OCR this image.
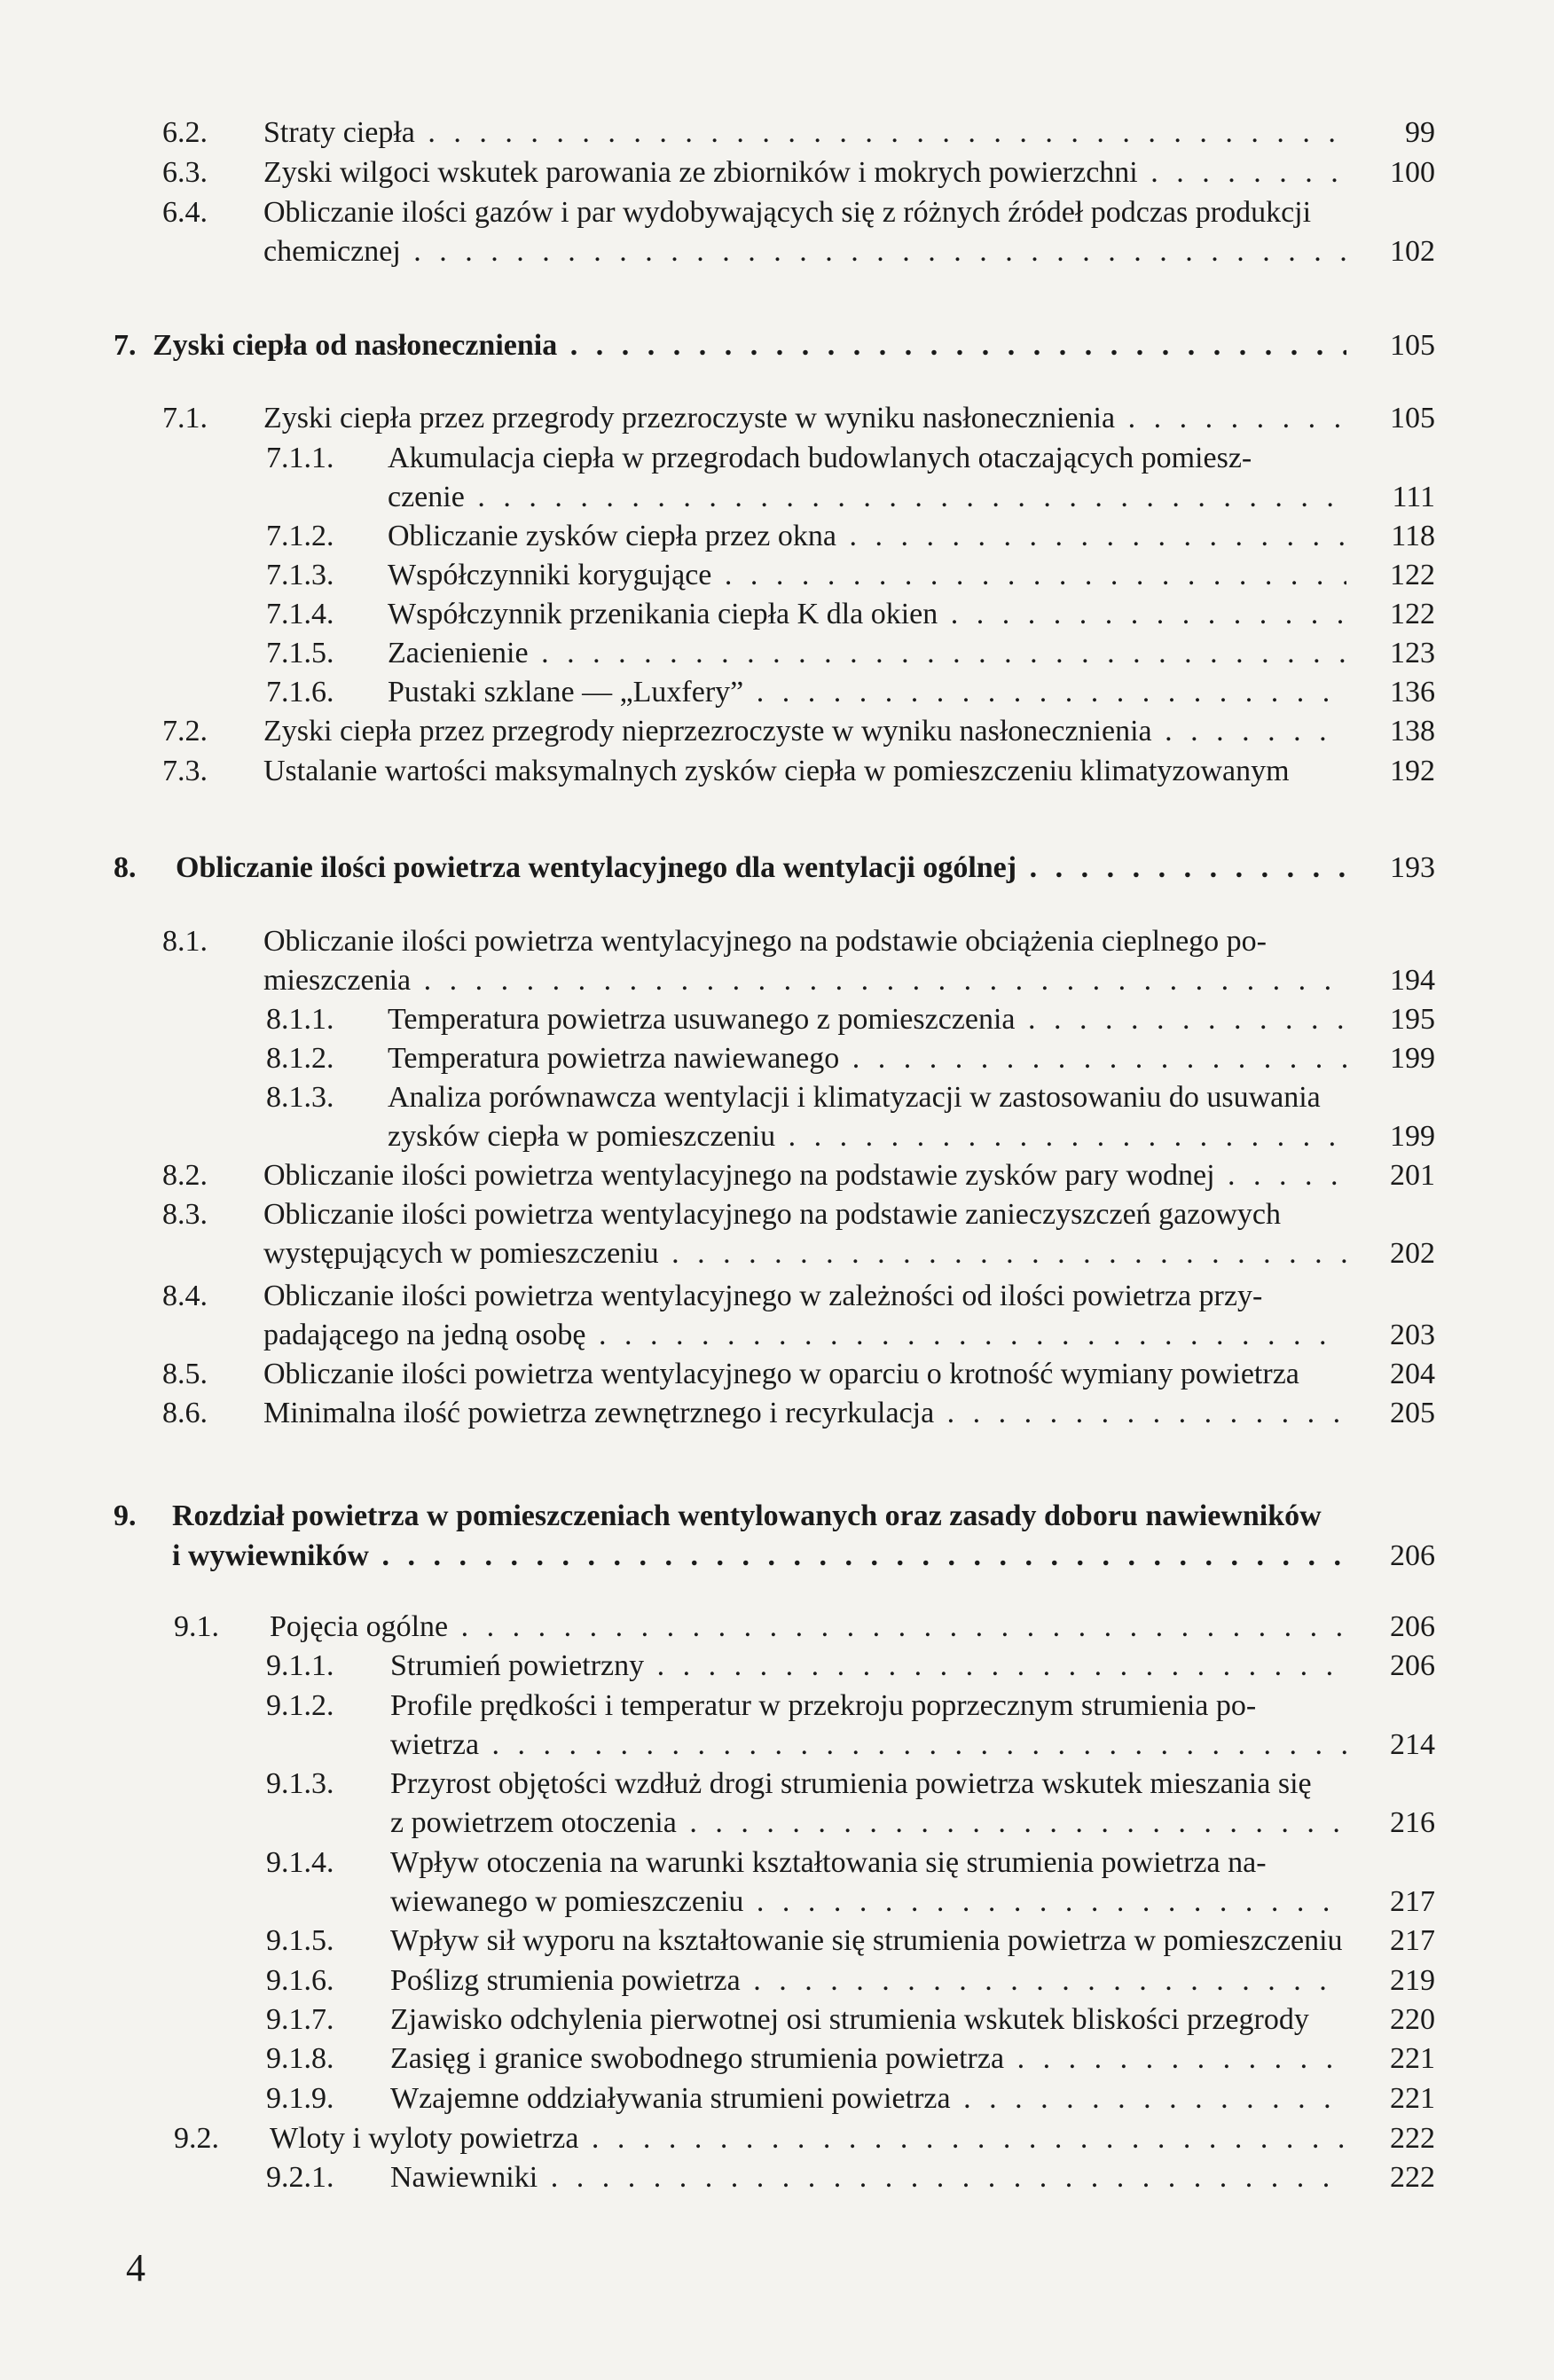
6.2. Straty ciepła . . .	99
6.3. Zyski wilgoci wskutek parowania ze zbiorników i mokrych powierzchni . . .	100
6.4. Obliczanie ilości gazów i par wydobywających się z różnych źródeł podczas produkcji
chemicznej . . .	102
7. Zyski ciepła od nasłonecznienia . . .	105
7.1. Zyski ciepła przez przegrody przezroczyste w wyniku nasłonecznienia . . .	105
7.1.1. Akumulacja ciepła w przegrodach budowlanych otaczających pomiesz-
czenie . . .	111
7.1.2. Obliczanie zysków ciepła przez okna . . .	118
7.1.3. Współczynniki korygujące . . .	122
7.1.4. Współczynnik przenikania ciepła K dla okien . . .	122
7.1.5. Zacienienie . . .	123
7.1.6. Pustaki szklane — „Luxfery” . . .	136
7.2. Zyski ciepła przez przegrody nieprzezroczyste w wyniku nasłonecznienia . . .	138
7.3. Ustalanie wartości maksymalnych zysków ciepła w pomieszczeniu klimatyzowanym	192
8. Obliczanie ilości powietrza wentylacyjnego dla wentylacji ogólnej . . .	193
8.1. Obliczanie ilości powietrza wentylacyjnego na podstawie obciążenia cieplnego po-
mieszczenia . . .	194
8.1.1. Temperatura powietrza usuwanego z pomieszczenia . . .	195
8.1.2. Temperatura powietrza nawiewanego . . .	199
8.1.3. Analiza porównawcza wentylacji i klimatyzacji w zastosowaniu do usuwania
zysków ciepła w pomieszczeniu . . .	199
8.2. Obliczanie ilości powietrza wentylacyjnego na podstawie zysków pary wodnej . . .	201
8.3. Obliczanie ilości powietrza wentylacyjnego na podstawie zanieczyszczeń gazowych
występujących w pomieszczeniu . . .	202
8.4. Obliczanie ilości powietrza wentylacyjnego w zależności od ilości powietrza przy-
padającego na jedną osobę . . .	203
8.5. Obliczanie ilości powietrza wentylacyjnego w oparciu o krotność wymiany powietrza	204
8.6. Minimalna ilość powietrza zewnętrznego i recyrkulacja . . .	205
9. Rozdział powietrza w pomieszczeniach wentylowanych oraz zasady doboru nawiewników
i wywiewników . . .	206
9.1. Pojęcia ogólne . . .	206
9.1.1. Strumień powietrzny . . .	206
9.1.2. Profile prędkości i temperatur w przekroju poprzecznym strumienia po-
wietrza . . .	214
9.1.3. Przyrost objętości wzdłuż drogi strumienia powietrza wskutek mieszania się
z powietrzem otoczenia . . .	216
9.1.4. Wpływ otoczenia na warunki kształtowania się strumienia powietrza na-
wiewanego w pomieszczeniu . . .	217
9.1.5. Wpływ sił wyporu na kształtowanie się strumienia powietrza w pomieszczeniu	217
9.1.6. Poślizg strumienia powietrza . . .	219
9.1.7. Zjawisko odchylenia pierwotnej osi strumienia wskutek bliskości przegrody	220
9.1.8. Zasięg i granice swobodnego strumienia powietrza . . .	221
9.1.9. Wzajemne oddziaływania strumieni powietrza . . .	221
9.2. Wloty i wyloty powietrza . . .	222
9.2.1. Nawiewniki . . .	222
4
